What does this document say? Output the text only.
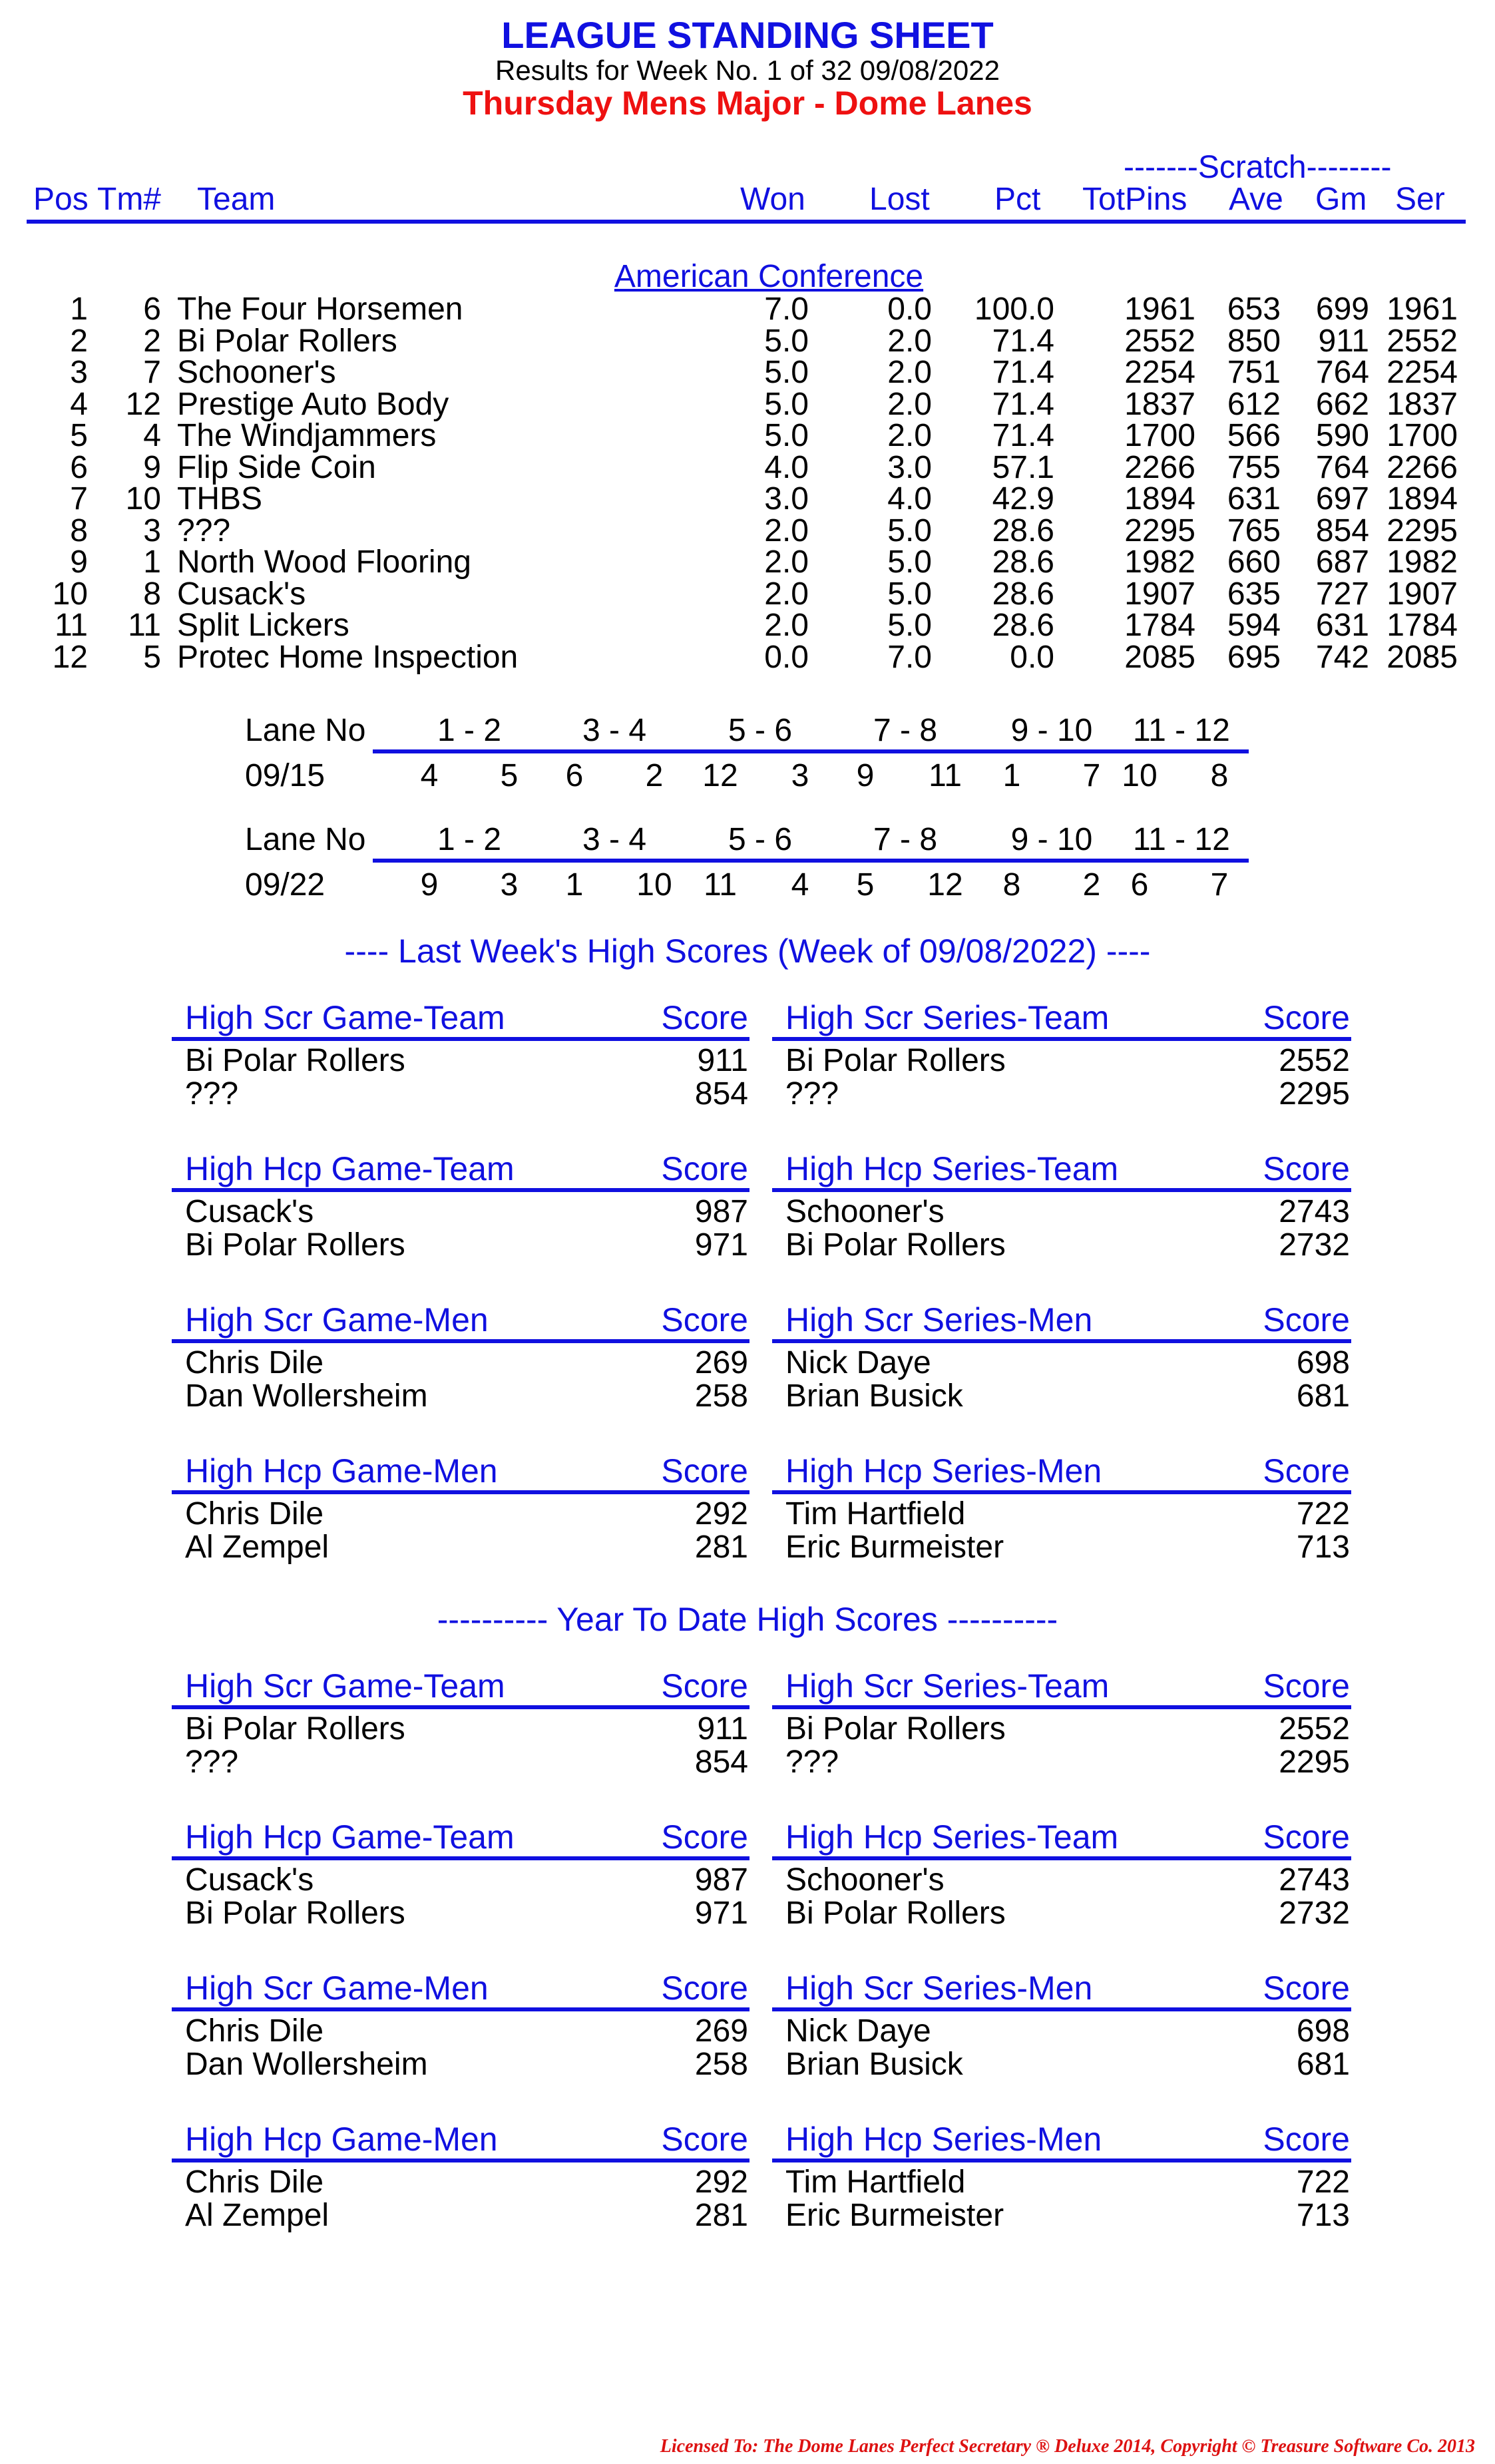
LEAGUE STANDING SHEET
Results for Week No. 1 of 32 09/08/2022
Thursday Mens Major - Dome Lanes
-------Scratch--------
Pos Tm# Team	Won Lost Pct TotPins Ave Gm Ser
American Conference
1 6 The Four Horsemen	7.0 0.0 100.0 1961 653 699 1961
2 2 Bi Polar Rollers	5.0 2.0 71.4 2552 850 911 2552
3 7 Schooner's	5.0 2.0 71.4 2254 751 764 2254
4 12 Prestige Auto Body	5.0 2.0 71.4 1837 612 662 1837
5 4 The Windjammers	5.0 2.0 71.4 1700 566 590 1700
6 9 Flip Side Coin	4.0 3.0 57.1 2266 755 764 2266
7 10 THBS	3.0 4.0 42.9 1894 631 697 1894
8 3 ???	2.0 5.0 28.6 2295 765 854 2295
9 1 North Wood Flooring	2.0 5.0 28.6 1982 660 687 1982
10 8 Cusack's	2.0 5.0 28.6 1907 635 727 1907
11 11 Split Lickers	2.0 5.0 28.6 1784 594 631 1784
12 5 Protec Home Inspection	0.0 7.0 0.0 2085 695 742 2085
Lane No	1 - 2	3 - 4	5 - 6	7 - 8	9 - 10 11 - 12
09/15	4	5	6	2	12	3	9	11	1	7 10	8
Lane No	1 - 2	3 - 4	5 - 6	7 - 8	9 - 10 11 - 12
09/22	9	3	1	10 11	4	5	12	8	2 6	7
---- Last Week's High Scores (Week of 09/08/2022) ----
High Scr Game-Team	Score
Bi Polar Rollers	911
???	854
High Scr Series-Team	Score
Bi Polar Rollers	2552
???	2295
High Hcp Game-Team	Score
Cusack's	987
Bi Polar Rollers	971
High Hcp Series-Team	Score
Schooner's	2743
Bi Polar Rollers	2732
High Scr Game-Men	Score
Chris Dile	269
Dan Wollersheim	258
High Scr Series-Men	Score
Nick Daye	698
Brian Busick	681
High Hcp Game-Men	Score
Chris Dile	292
Al Zempel	281
High Hcp Series-Men	Score
Tim Hartfield	722
Eric Burmeister	713
---------- Year To Date High Scores ----------
High Scr Game-Team	Score
Bi Polar Rollers	911
???	854
High Scr Series-Team	Score
Bi Polar Rollers	2552
???	2295
High Hcp Game-Team	Score
Cusack's	987
Bi Polar Rollers	971
High Hcp Series-Team	Score
Schooner's	2743
Bi Polar Rollers	2732
High Scr Game-Men	Score
Chris Dile	269
Dan Wollersheim	258
High Scr Series-Men	Score
Nick Daye	698
Brian Busick	681
High Hcp Game-Men	Score
Chris Dile	292
Al Zempel	281
High Hcp Series-Men	Score
Tim Hartfield	722
Eric Burmeister	713
Licensed To: The Dome Lanes Perfect Secretary ® Deluxe 2014, Copyright © Treasure Software Co. 2013
